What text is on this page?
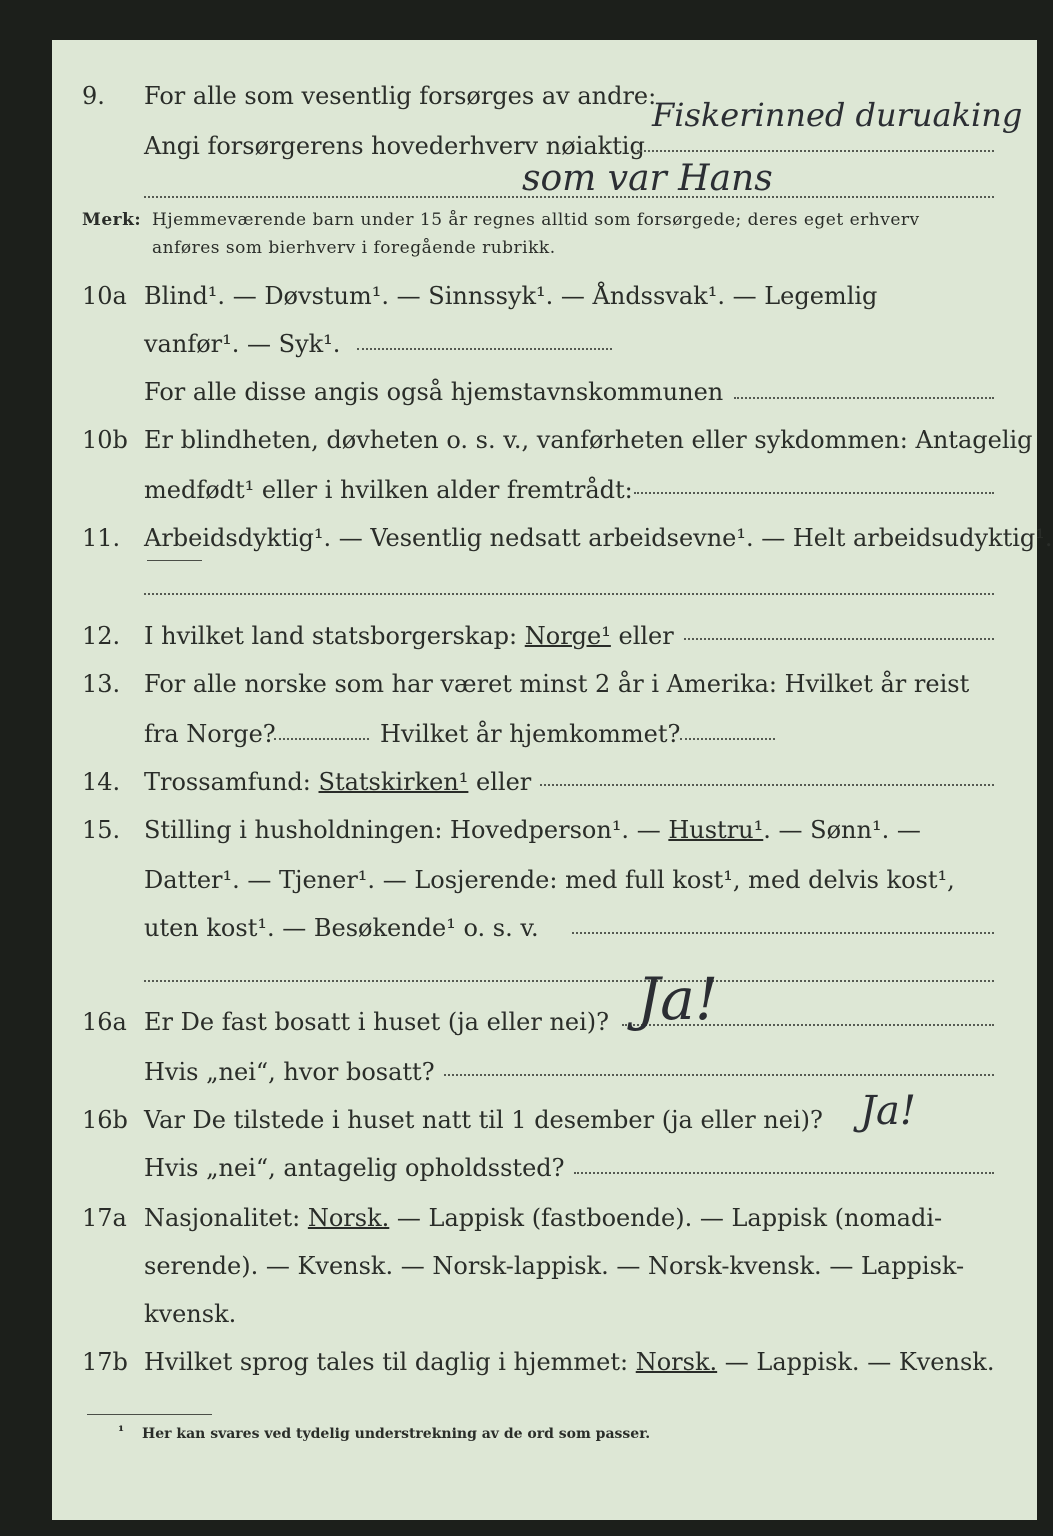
9. For alle som vesentlig forsørges av andre:
Angi forsørgerens hovederhverv nøiaktig
Fiskerinned duruaking
som var Hans
Merk: Hjemmeværende barn under 15 år regnes alltid som forsørgede; deres eget erhverv
anføres som bierhverv i foregående rubrikk.
10a Blind¹. — Døvstum¹. — Sinnssyk¹. — Åndssvak¹. — Legemlig
vanfør¹. — Syk¹.
For alle disse angis også hjemstavnskommunen
10b Er blindheten, døvheten o. s. v., vanførheten eller sykdommen: Antagelig
medfødt¹ eller i hvilken alder fremtrådt:
11. Arbeidsdyktig¹. — Vesentlig nedsatt arbeidsevne¹. — Helt arbeidsudyktig¹.
12. I hvilket land statsborgerskap: Norge¹ eller
13. For alle norske som har været minst 2 år i Amerika: Hvilket år reist
fra Norge?	Hvilket år hjemkommet?
14. Trossamfund: Statskirken¹ eller
15. Stilling i husholdningen: Hovedperson¹. — Hustru¹. — Sønn¹. —
Datter¹. — Tjener¹. — Losjerende: med full kost¹, med delvis kost¹,
uten kost¹. — Besøkende¹ o. s. v.
16a Er De fast bosatt i huset (ja eller nei)? Ja!
Hvis „nei“, hvor bosatt?
16b Var De tilstede i huset natt til 1 desember (ja eller nei)? Ja!
Hvis „nei“, antagelig opholdssted?
17a Nasjonalitet: Norsk. — Lappisk (fastboende). — Lappisk (nomadi-
serende). — Kvensk. — Norsk-lappisk. — Norsk-kvensk. — Lappisk-
kvensk.
17b Hvilket sprog tales til daglig i hjemmet: Norsk. — Lappisk. — Kvensk.
¹ Her kan svares ved tydelig understrekning av de ord som passer.
